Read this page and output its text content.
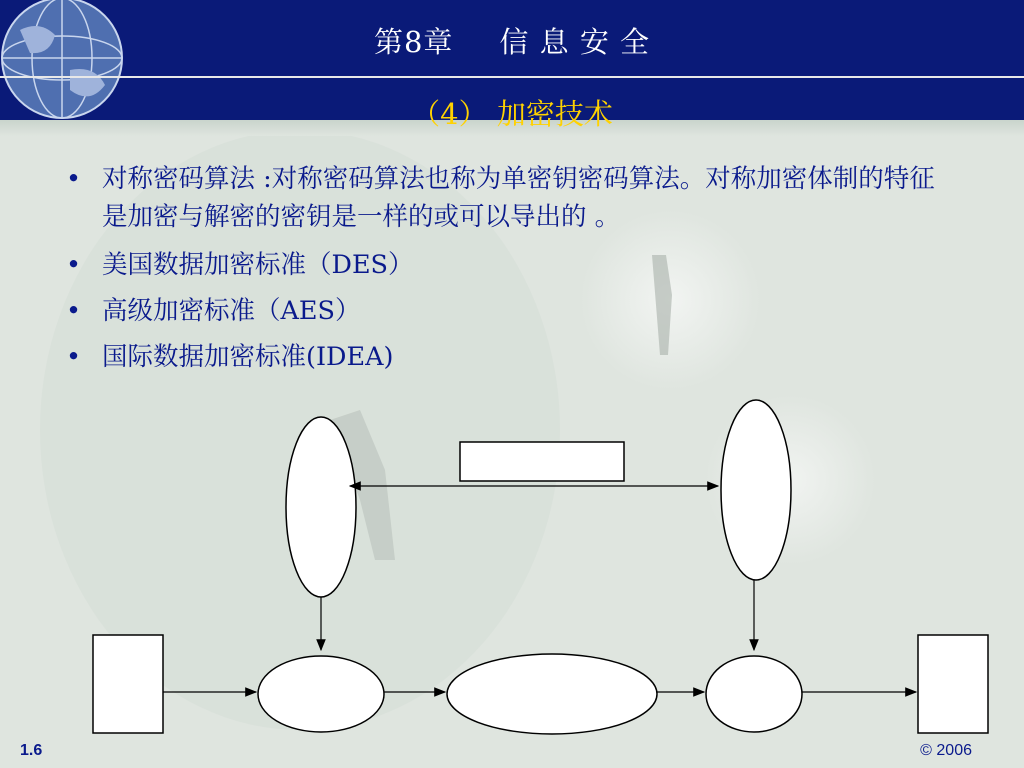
第8章 信 息 安 全
（4） 加密技术
• 对称密码算法 :对称密码算法也称为单密钥密码算法。对称加密体制的特征是加密与解密的密钥是一样的或可以导出的 。
• 美国数据加密标准（DES）
• 高级加密标准（AES）
• 国际数据加密标准(IDEA)
1.6	© 2006
